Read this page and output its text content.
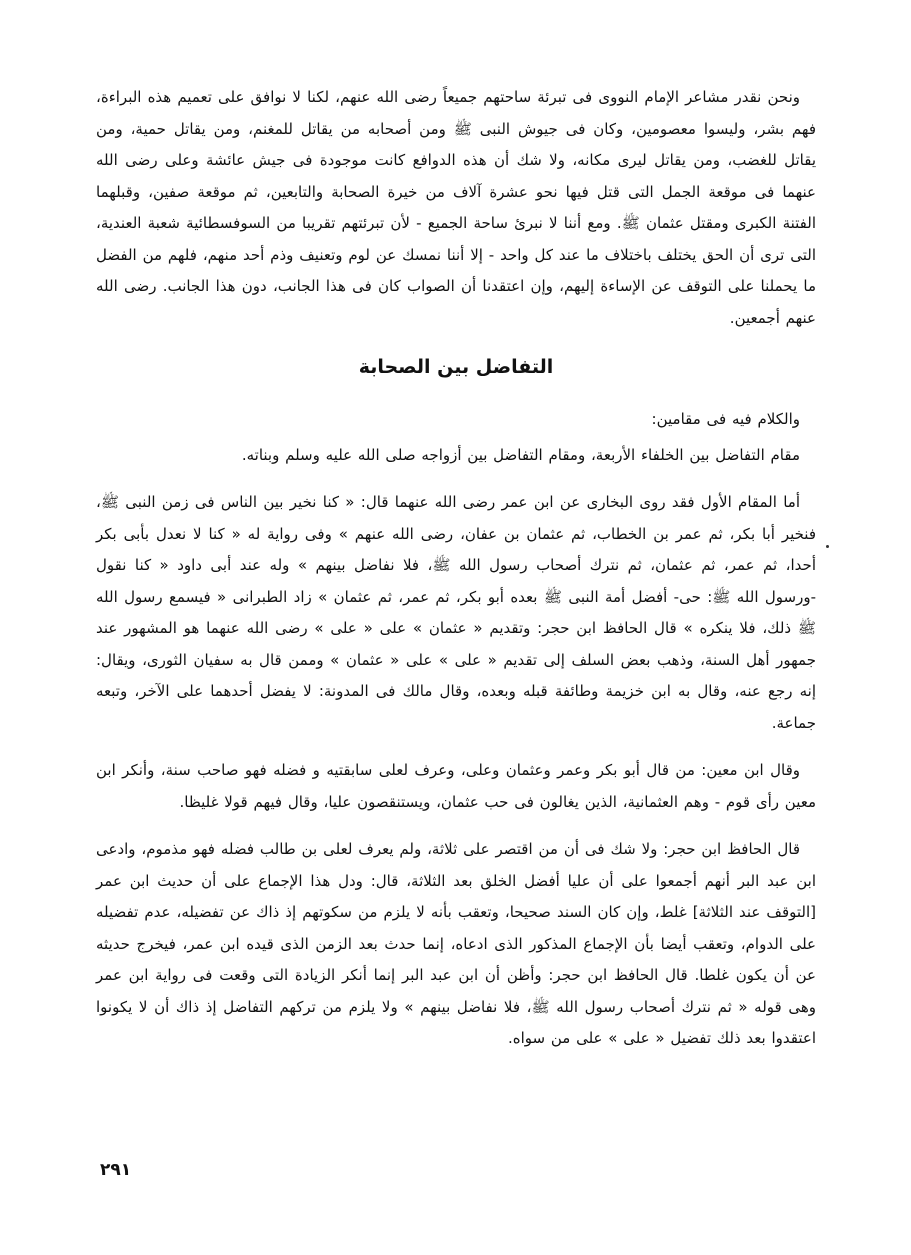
ونحن نقدر مشاعر الإمام النووى فى تبرئة ساحتهم جميعاً رضى الله عنهم، لكنا لا نوافق على تعميم هذه البراءة، فهم بشر، وليسوا معصومين، وكان فى جيوش النبى ﷺ ومن أصحابه من يقاتل للمغنم، ومن يقاتل حمية، ومن يقاتل للغضب، ومن يقاتل ليرى مكانه، ولا شك أن هذه الدوافع كانت موجودة فى جيش عائشة وعلى رضى الله عنهما فى موقعة الجمل التى قتل فيها نحو عشرة آلاف من خيرة الصحابة والتابعين، ثم موقعة صفين، وقبلهما الفتنة الكبرى ومقتل عثمان ﷺ. ومع أننا لا نبرئ ساحة الجميع - لأن تبرئتهم تقريبا من السوفسطائية شعبة العندية، التى ترى أن الحق يختلف باختلاف ما عند كل واحد - إلا أننا نمسك عن لوم وتعنيف وذم أحد منهم، فلهم من الفضل ما يحملنا على التوقف عن الإساءة إليهم، وإن اعتقدنا أن الصواب كان فى هذا الجانب، دون هذا الجانب. رضى الله عنهم أجمعين.

التفاضل بين الصحابة

والكلام فيه فى مقامين:

مقام التفاضل بين الخلفاء الأربعة، ومقام التفاضل بين أزواجه صلى الله عليه وسلم وبناته.

أما المقام الأول فقد روى البخارى عن ابن عمر رضى الله عنهما قال: « كنا نخير بين الناس فى زمن النبى ﷺ، فنخير أبا بكر، ثم عمر بن الخطاب، ثم عثمان بن عفان، رضى الله عنهم » وفى رواية له « كنا لا نعدل بأبى بكر أحدا، ثم عمر، ثم عثمان، ثم نترك أصحاب رسول الله ﷺ، فلا نفاضل بينهم » وله عند أبى داود « كنا نقول -ورسول الله ﷺ: حى- أفضل أمة النبى ﷺ بعده أبو بكر، ثم عمر، ثم عثمان » زاد الطبرانى « فيسمع رسول الله ﷺ ذلك، فلا ينكره » قال الحافظ ابن حجر: وتقديم « عثمان » على « على » رضى الله عنهما هو المشهور عند جمهور أهل السنة، وذهب بعض السلف إلى تقديم « على » على « عثمان » وممن قال به سفيان الثورى، ويقال: إنه رجع عنه، وقال به ابن خزيمة وطائفة قبله وبعده، وقال مالك فى المدونة: لا يفضل أحدهما على الآخر، وتبعه جماعة.

وقال ابن معين: من قال أبو بكر وعمر وعثمان وعلى، وعرف لعلى سابقتيه و فضله فهو صاحب سنة، وأنكر ابن معين رأى قوم - وهم العثمانية، الذين يغالون فى حب عثمان، ويستنقصون عليا، وقال فيهم قولا غليظا.

قال الحافظ ابن حجر: ولا شك فى أن من اقتصر على ثلاثة، ولم يعرف لعلى بن طالب فضله فهو مذموم، وادعى ابن عبد البر أنهم أجمعوا على أن عليا أفضل الخلق بعد الثلاثة، قال: ودل هذا الإجماع على أن حديث ابن عمر [التوقف عند الثلاثة] غلط، وإن كان السند صحيحا، وتعقب بأنه لا يلزم من سكوتهم إذ ذاك عن تفضيله، عدم تفضيله على الدوام، وتعقب أيضا بأن الإجماع المذكور الذى ادعاه، إنما حدث بعد الزمن الذى قيده ابن عمر، فيخرج حديثه عن أن يكون غلطا. قال الحافظ ابن حجر: وأظن أن ابن عبد البر إنما أنكر الزيادة التى وقعت فى رواية ابن عمر وهى قوله « ثم نترك أصحاب رسول الله ﷺ، فلا نفاضل بينهم » ولا يلزم من تركهم التفاضل إذ ذاك أن لا يكونوا اعتقدوا بعد ذلك تفضيل « على » على من سواه.

٢٩١
